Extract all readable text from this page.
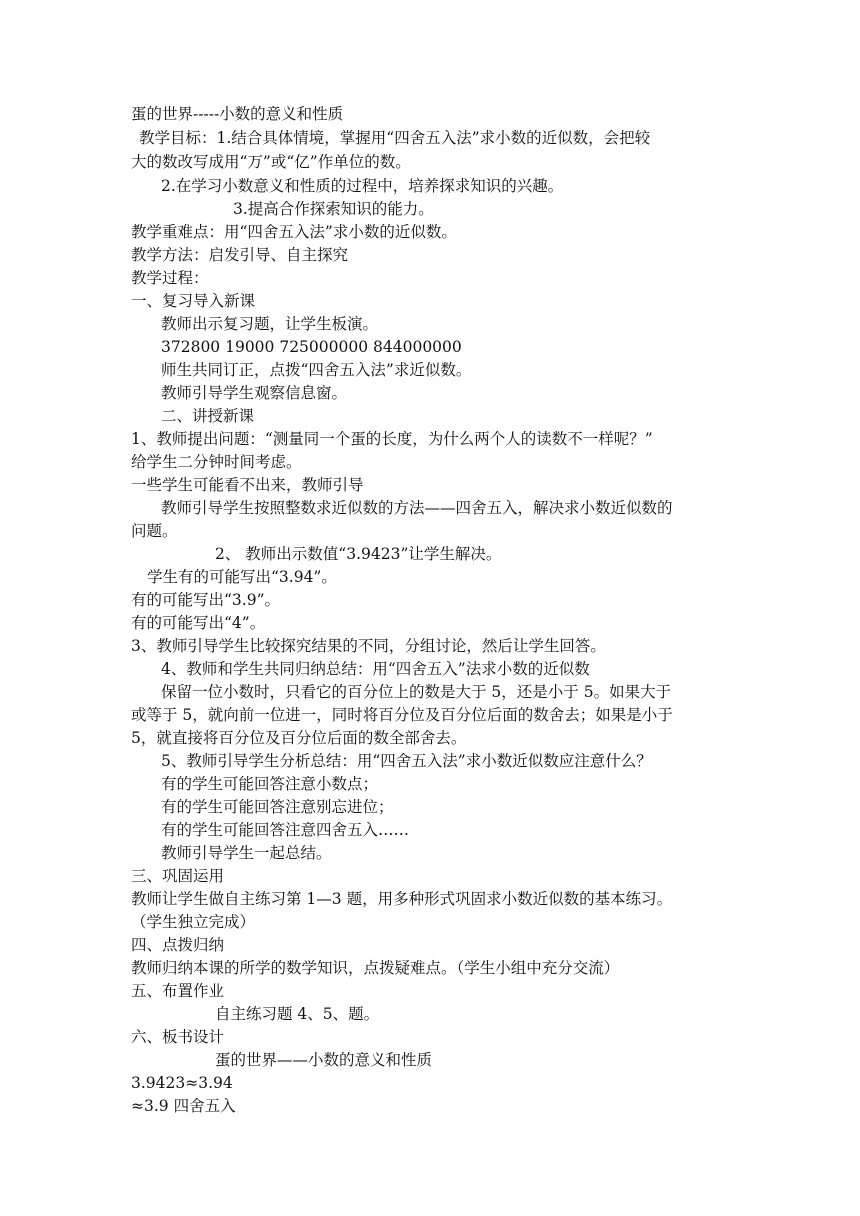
蛋的世界-----小数的意义和性质
教学目标：1.结合具体情境，掌握用“四舍五入法”求小数的近似数，会把较
大的数改写成用“万”或“亿”作单位的数。
2.在学习小数意义和性质的过程中，培养探求知识的兴趣。
3.提高合作探索知识的能力。
教学重难点：用“四舍五入法”求小数的近似数。
教学方法：启发引导、自主探究
教学过程：
一、复习导入新课
教师出示复习题，让学生板演。
372800 19000 725000000 844000000
师生共同订正，点拨“四舍五入法”求近似数。
教师引导学生观察信息窗。
二、讲授新课
1、教师提出问题：“测量同一个蛋的长度，为什么两个人的读数不一样呢？”
给学生二分钟时间考虑。
一些学生可能看不出来，教师引导
教师引导学生按照整数求近似数的方法——四舍五入，解决求小数近似数的
问题。
2、 教师出示数值“3.9423”让学生解决。
学生有的可能写出“3.94”。
有的可能写出“3.9”。
有的可能写出“4”。
3、教师引导学生比较探究结果的不同，分组讨论，然后让学生回答。
4、教师和学生共同归纳总结：用“四舍五入”法求小数的近似数
保留一位小数时，只看它的百分位上的数是大于 5，还是小于 5。如果大于
或等于 5，就向前一位进一，同时将百分位及百分位后面的数舍去；如果是小于
5，就直接将百分位及百分位后面的数全部舍去。
5、教师引导学生分析总结：用“四舍五入法”求小数近似数应注意什么？
有的学生可能回答注意小数点；
有的学生可能回答注意别忘进位；
有的学生可能回答注意四舍五入……
教师引导学生一起总结。
三、巩固运用
教师让学生做自主练习第 1—3 题，用多种形式巩固求小数近似数的基本练习。
（学生独立完成）
四、点拨归纳
教师归纳本课的所学的数学知识，点拨疑难点。（学生小组中充分交流）
五、布置作业
自主练习题 4、5、题。
六、板书设计
蛋的世界——小数的意义和性质
3.9423≈3.94
≈3.9 四舍五入
